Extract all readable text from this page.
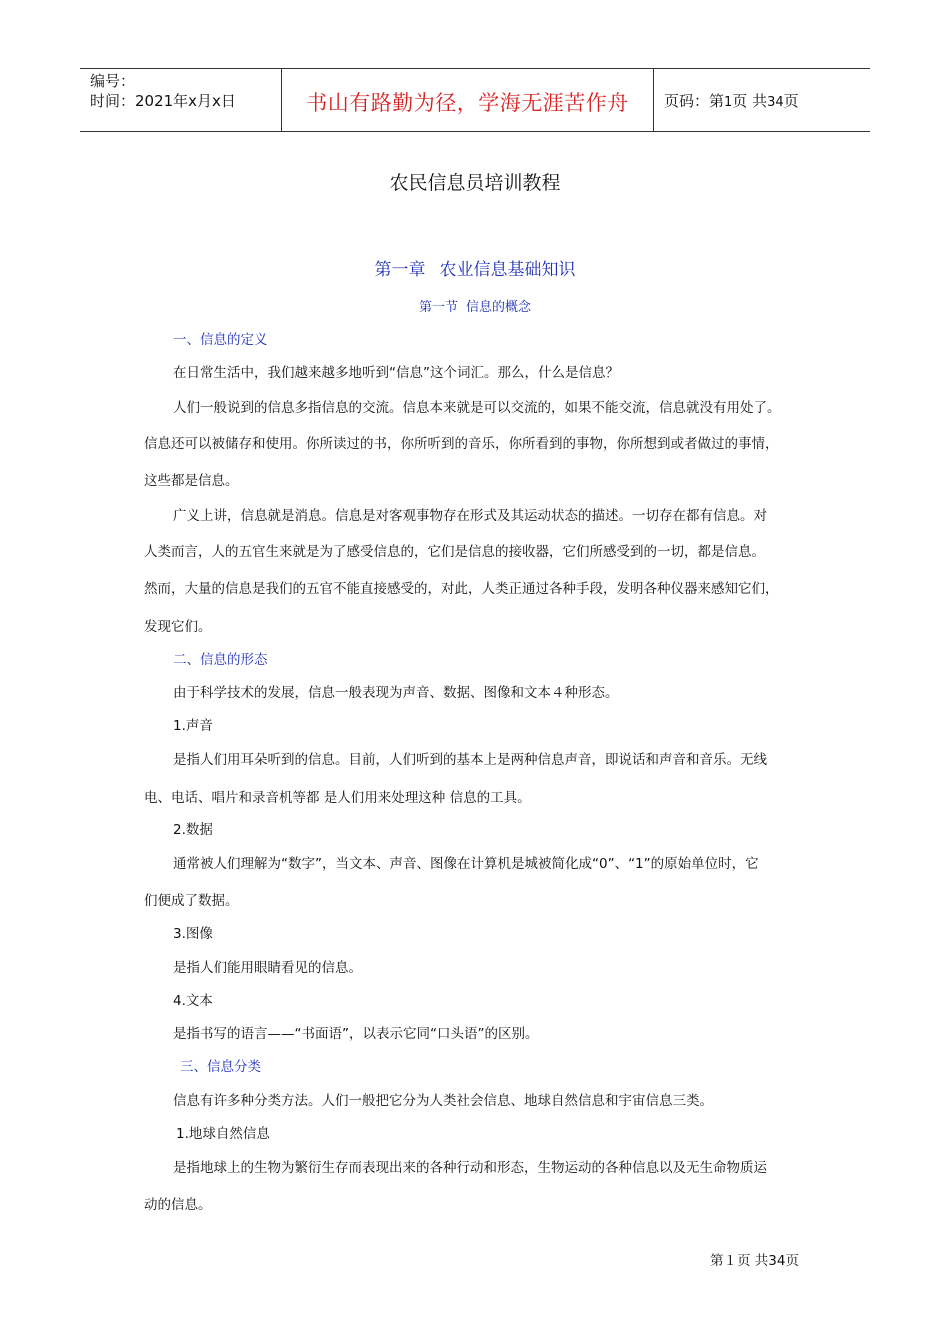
编号：
时间：2021年x月x日	书山有路勤为径，学海无涯苦作舟	页码：第1页 共34页
农民信息员培训教程
第一章 农业信息基础知识
第一节 信息的概念
一、信息的定义
在日常生活中，我们越来越多地听到“信息”这个词汇。那么，什么是信息？
人们一般说到的信息多指信息的交流。信息本来就是可以交流的，如果不能交流，信息就没有用处了。
信息还可以被储存和使用。你所读过的书，你所听到的音乐，你所看到的事物，你所想到或者做过的事情，
这些都是信息。
广义上讲，信息就是消息。信息是对客观事物存在形式及其运动状态的描述。一切存在都有信息。对
人类而言，人的五官生来就是为了感受信息的，它们是信息的接收器，它们所感受到的一切，都是信息。
然而，大量的信息是我们的五官不能直接感受的，对此，人类正通过各种手段，发明各种仪器来感知它们，
发现它们。
二、信息的形态
由于科学技术的发展，信息一般表现为声音、数据、图像和文本４种形态。
1.声音
是指人们用耳朵听到的信息。目前，人们听到的基本上是两种信息声音，即说话和声音和音乐。无线
电、电话、唱片和录音机等都 是人们用来处理这种 信息的工具。
2.数据
通常被人们理解为“数字”，当文本、声音、图像在计算机是城被简化成“0”、“1”的原始单位时，它
们便成了数据。
3.图像
是指人们能用眼睛看见的信息。
4.文本
是指书写的语言——“书面语”，以表示它同“口头语”的区别。
三、信息分类
信息有许多种分类方法。人们一般把它分为人类社会信息、地球自然信息和宇宙信息三类。
1.地球自然信息
是指地球上的生物为繁衍生存而表现出来的各种行动和形态，生物运动的各种信息以及无生命物质运
动的信息。
第１页 共34页
